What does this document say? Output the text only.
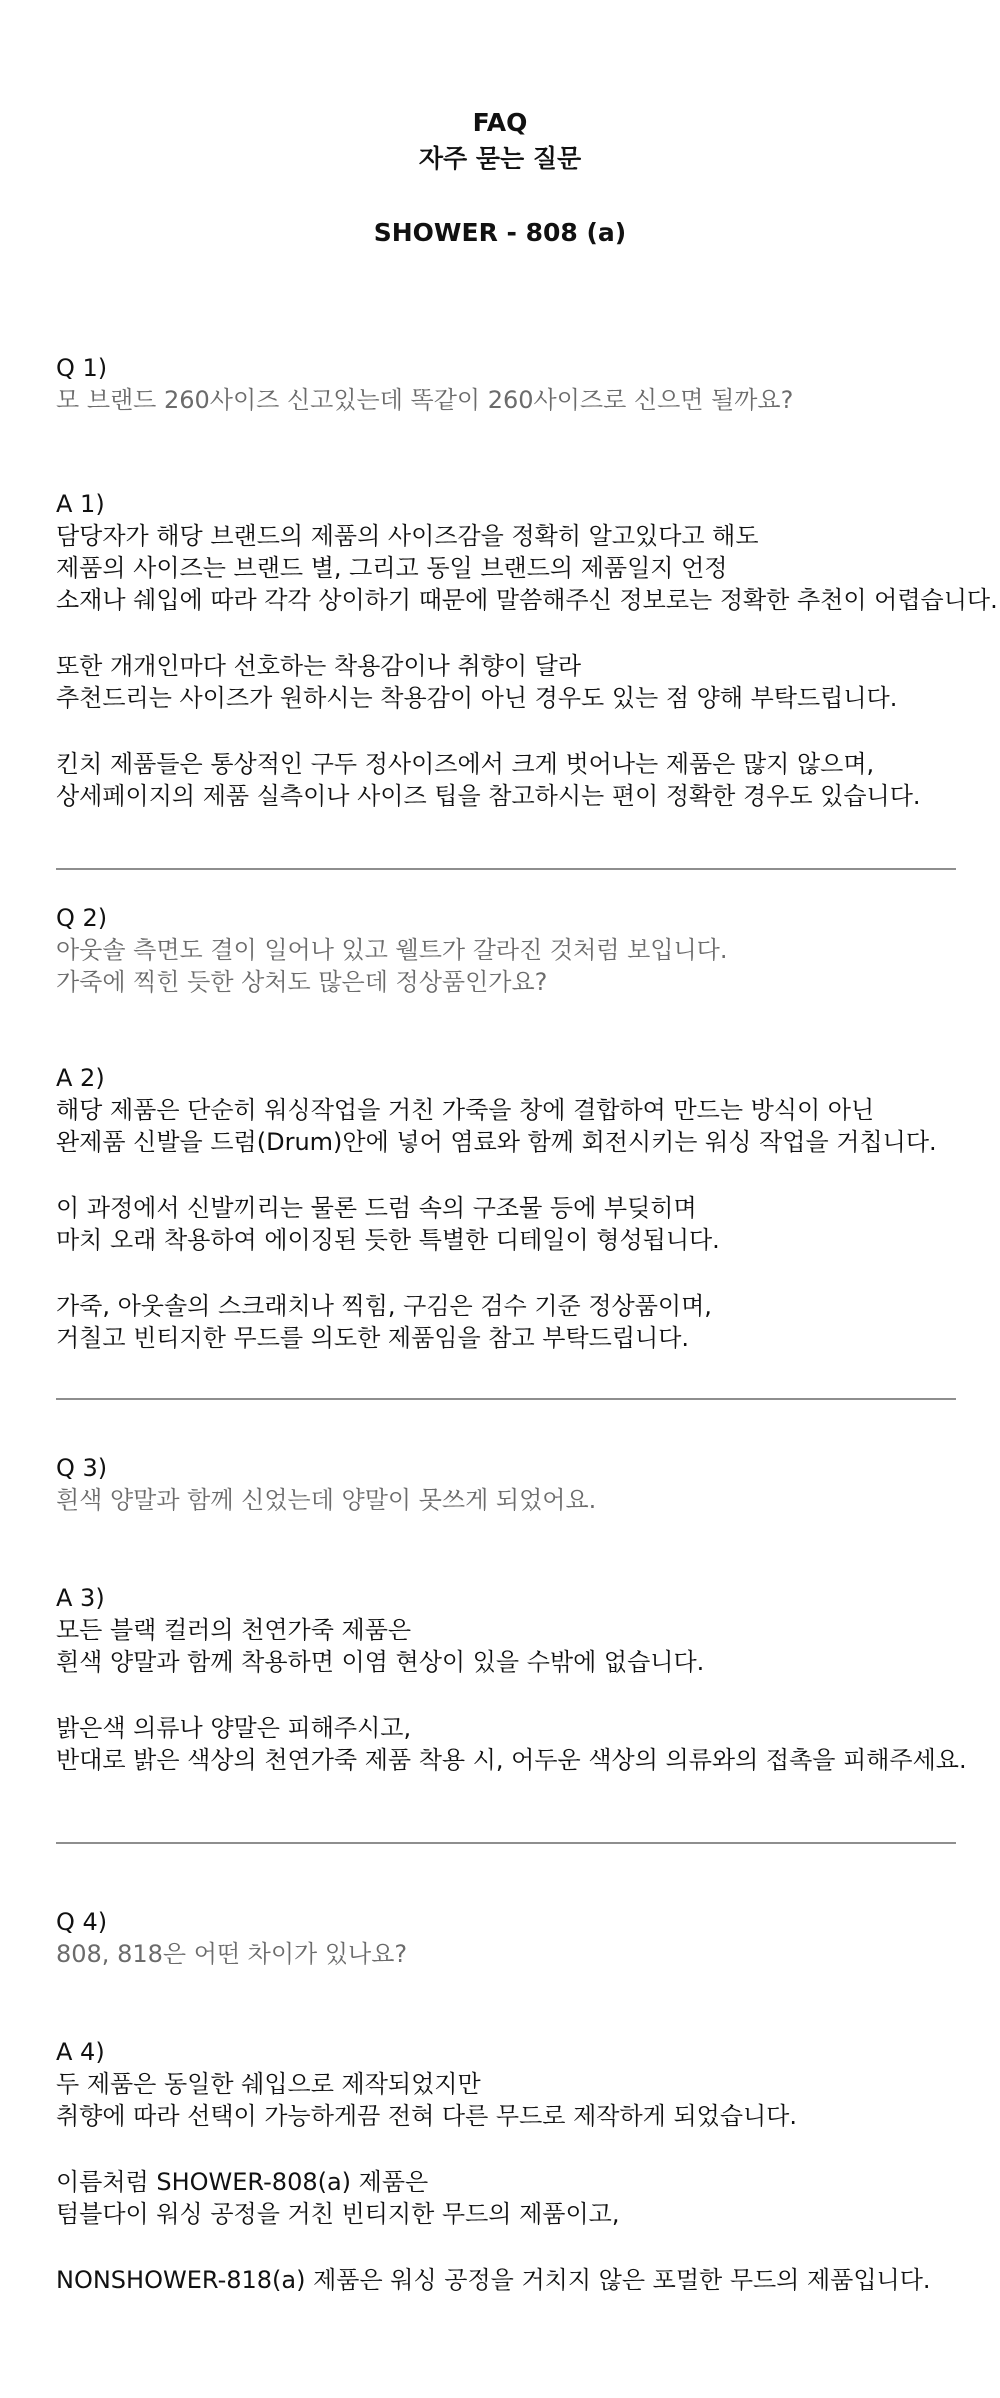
FAQ
자주 묻는 질문
SHOWER - 808 (a)
Q 1)
모 브랜드 260사이즈 신고있는데 똑같이 260사이즈로 신으면 될까요?
A 1)
담당자가 해당 브랜드의 제품의 사이즈감을 정확히 알고있다고 해도
제품의 사이즈는 브랜드 별, 그리고 동일 브랜드의 제품일지 언정
소재나 쉐입에 따라 각각 상이하기 때문에 말씀해주신 정보로는 정확한 추천이 어렵습니다.
또한 개개인마다 선호하는 착용감이나 취향이 달라
추천드리는 사이즈가 원하시는 착용감이 아닌 경우도 있는 점 양해 부탁드립니다.
킨치 제품들은 통상적인 구두 정사이즈에서 크게 벗어나는 제품은 많지 않으며,
상세페이지의 제품 실측이나 사이즈 팁을 참고하시는 편이 정확한 경우도 있습니다.
Q 2)
아웃솔 측면도 결이 일어나 있고 웰트가 갈라진 것처럼 보입니다.
가죽에 찍힌 듯한 상처도 많은데 정상품인가요?
A 2)
해당 제품은 단순히 워싱작업을 거친 가죽을 창에 결합하여 만드는 방식이 아닌
완제품 신발을 드럼(Drum)안에 넣어 염료와 함께 회전시키는 워싱 작업을 거칩니다.
이 과정에서 신발끼리는 물론 드럼 속의 구조물 등에 부딪히며
마치 오래 착용하여 에이징된 듯한 특별한 디테일이 형성됩니다.
가죽, 아웃솔의 스크래치나 찍힘, 구김은 검수 기준 정상품이며,
거칠고 빈티지한 무드를 의도한 제품임을 참고 부탁드립니다.
Q 3)
흰색 양말과 함께 신었는데 양말이 못쓰게 되었어요.
A 3)
모든 블랙 컬러의 천연가죽 제품은
흰색 양말과 함께 착용하면 이염 현상이 있을 수밖에 없습니다.
밝은색 의류나 양말은 피해주시고,
반대로 밝은 색상의 천연가죽 제품 착용 시, 어두운 색상의 의류와의 접촉을 피해주세요.
Q 4)
808, 818은 어떤 차이가 있나요?
A 4)
두 제품은 동일한 쉐입으로 제작되었지만
취향에 따라 선택이 가능하게끔 전혀 다른 무드로 제작하게 되었습니다.
이름처럼 SHOWER-808(a) 제품은
텀블다이 워싱 공정을 거친 빈티지한 무드의 제품이고,
NONSHOWER-818(a) 제품은 워싱 공정을 거치지 않은 포멀한 무드의 제품입니다.
